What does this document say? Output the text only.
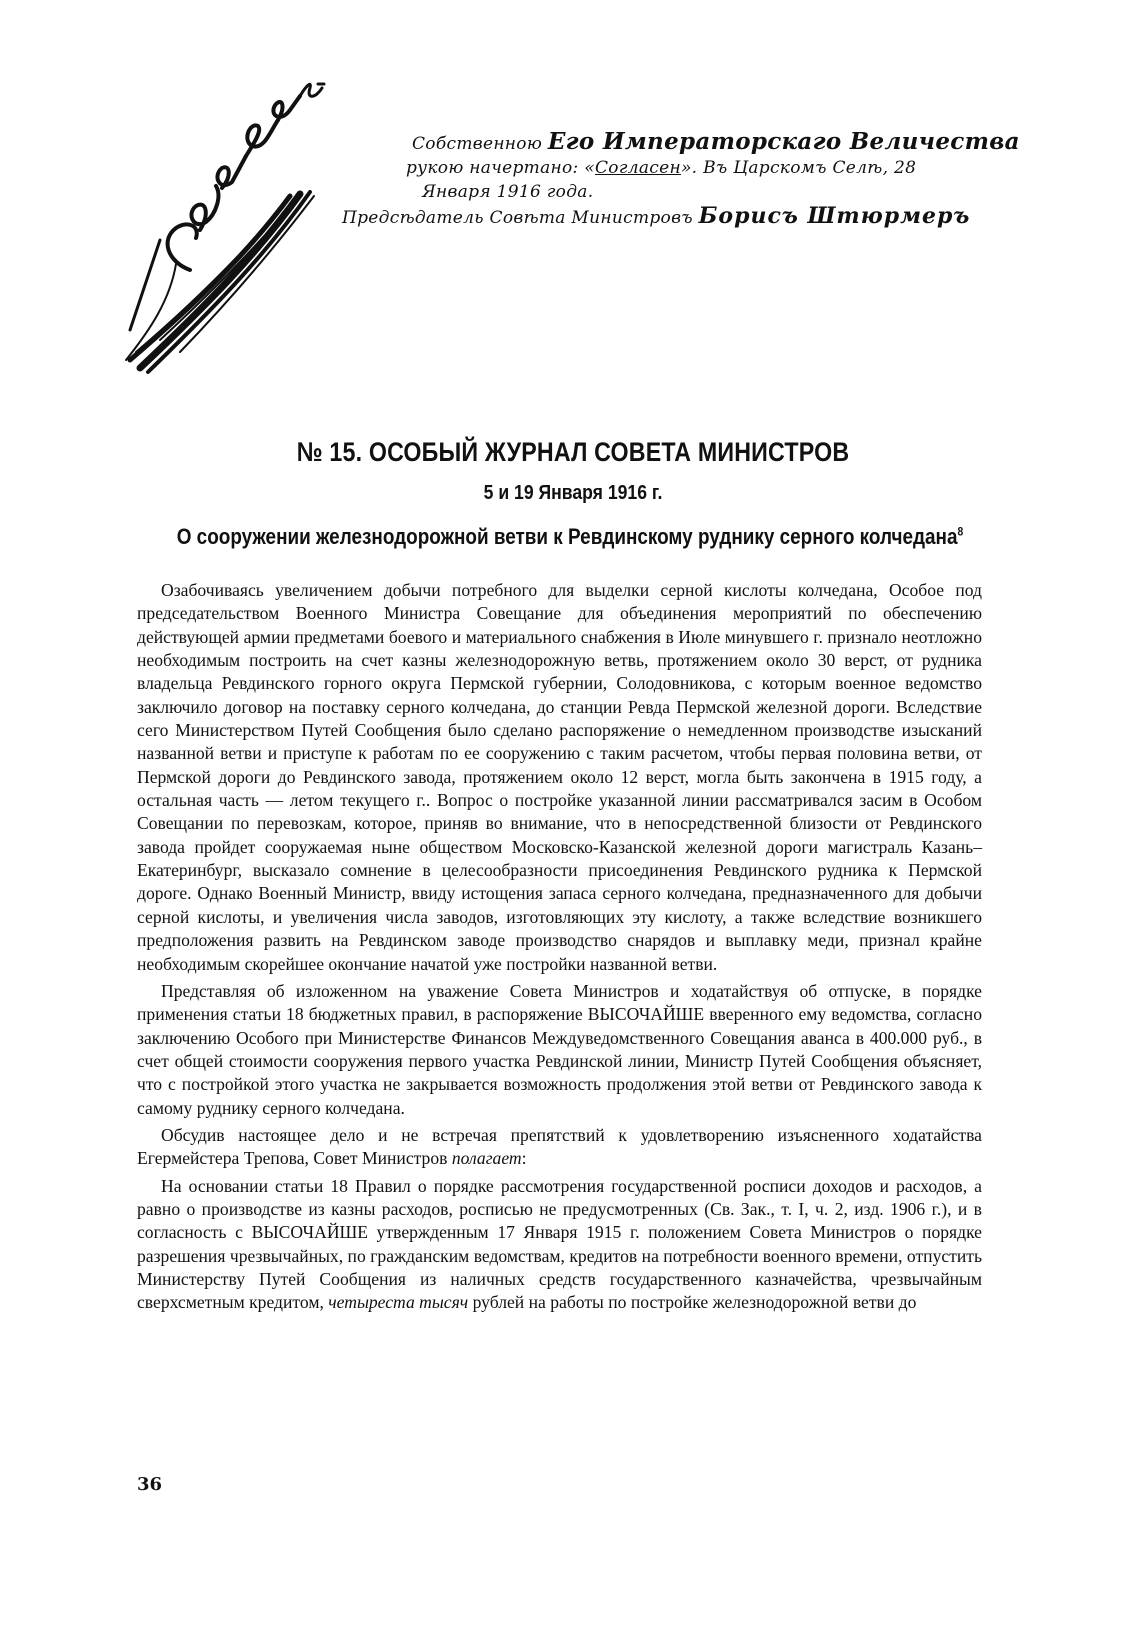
Собственною Его Императорскаго Величества
рукою начертано: «Согласен». Въ Царскомъ Селѣ, 28
Января 1916 года.
Предсѣдатель Совѣта Министровъ Борисъ Штюрмеръ
№ 15. ОСОБЫЙ ЖУРНАЛ СОВЕТА МИНИСТРОВ
5 и 19 Января 1916 г.
О сооружении железнодорожной ветви к Ревдинскому руднику серного колчедана$^8$

Озабочиваясь увеличением добычи потребного для выделки серной кислоты колчедана, Особое под председательством Военного Министра Совещание для объединения мероприятий по обеспечению действующей армии предметами боевого и материального снабжения в Июле минувшего г. признало неотложно необходимым построить на счет казны железнодорожную ветвь, протяжением около 30 верст, от рудника владельца Ревдинского горного округа Пермской губернии, Солодовникова, с которым военное ведомство заключило договор на поставку серного колчедана, до станции Ревда Пермской железной дороги. Вследствие сего Министерством Путей Сообщения было сделано распоряжение о немедленном производстве изысканий названной ветви и приступе к работам по ее сооружению с таким расчетом, чтобы первая половина ветви, от Пермской дороги до Ревдинского завода, протяжением около 12 верст, могла быть закончена в 1915 году, а остальная часть — летом текущего г.. Вопрос о постройке указанной линии рассматривался засим в Особом Совещании по перевозкам, которое, приняв во внимание, что в непосредственной близости от Ревдинского завода пройдет сооружаемая ныне обществом Московско-Казанской железной дороги магистраль Казань–Екатеринбург, высказало сомнение в целесообразности присоединения Ревдинского рудника к Пермской дороге. Однако Военный Министр, ввиду истощения запаса серного колчедана, предназначенного для добычи серной кислоты, и увеличения числа заводов, изготовляющих эту кислоту, а также вследствие возникшего предположения развить на Ревдинском заводе производство снарядов и выплавку меди, признал крайне необходимым скорейшее окончание начатой уже постройки названной ветви.

Представляя об изложенном на уважение Совета Министров и ходатайствуя об отпуске, в порядке применения статьи 18 бюджетных правил, в распоряжение ВЫСОЧАЙШЕ вверенного ему ведомства, согласно заключению Особого при Министерстве Финансов Междуведомственного Совещания аванса в 400.000 руб., в счет общей стоимости сооружения первого участка Ревдинской линии, Министр Путей Сообщения объясняет, что с постройкой этого участка не закрывается возможность продолжения этой ветви от Ревдинского завода к самому руднику серного колчедана.

Обсудив настоящее дело и не встречая препятствий к удовлетворению изъясненного ходатайства Егермейстера Трепова, Совет Министров полагает:

На основании статьи 18 Правил о порядке рассмотрения государственной росписи доходов и расходов, а равно о производстве из казны расходов, росписью не предусмотренных (Св. Зак., т. I, ч. 2, изд. 1906 г.), и в согласность с ВЫСОЧАЙШЕ утвержденным 17 Января 1915 г. положением Совета Министров о порядке разрешения чрезвычайных, по гражданским ведомствам, кредитов на потребности военного времени, отпустить Министерству Путей Сообщения из наличных средств государственного казначейства, чрезвычайным сверхсметным кредитом, четыреста тысяч рублей на работы по постройке железнодорожной ветви до

36
